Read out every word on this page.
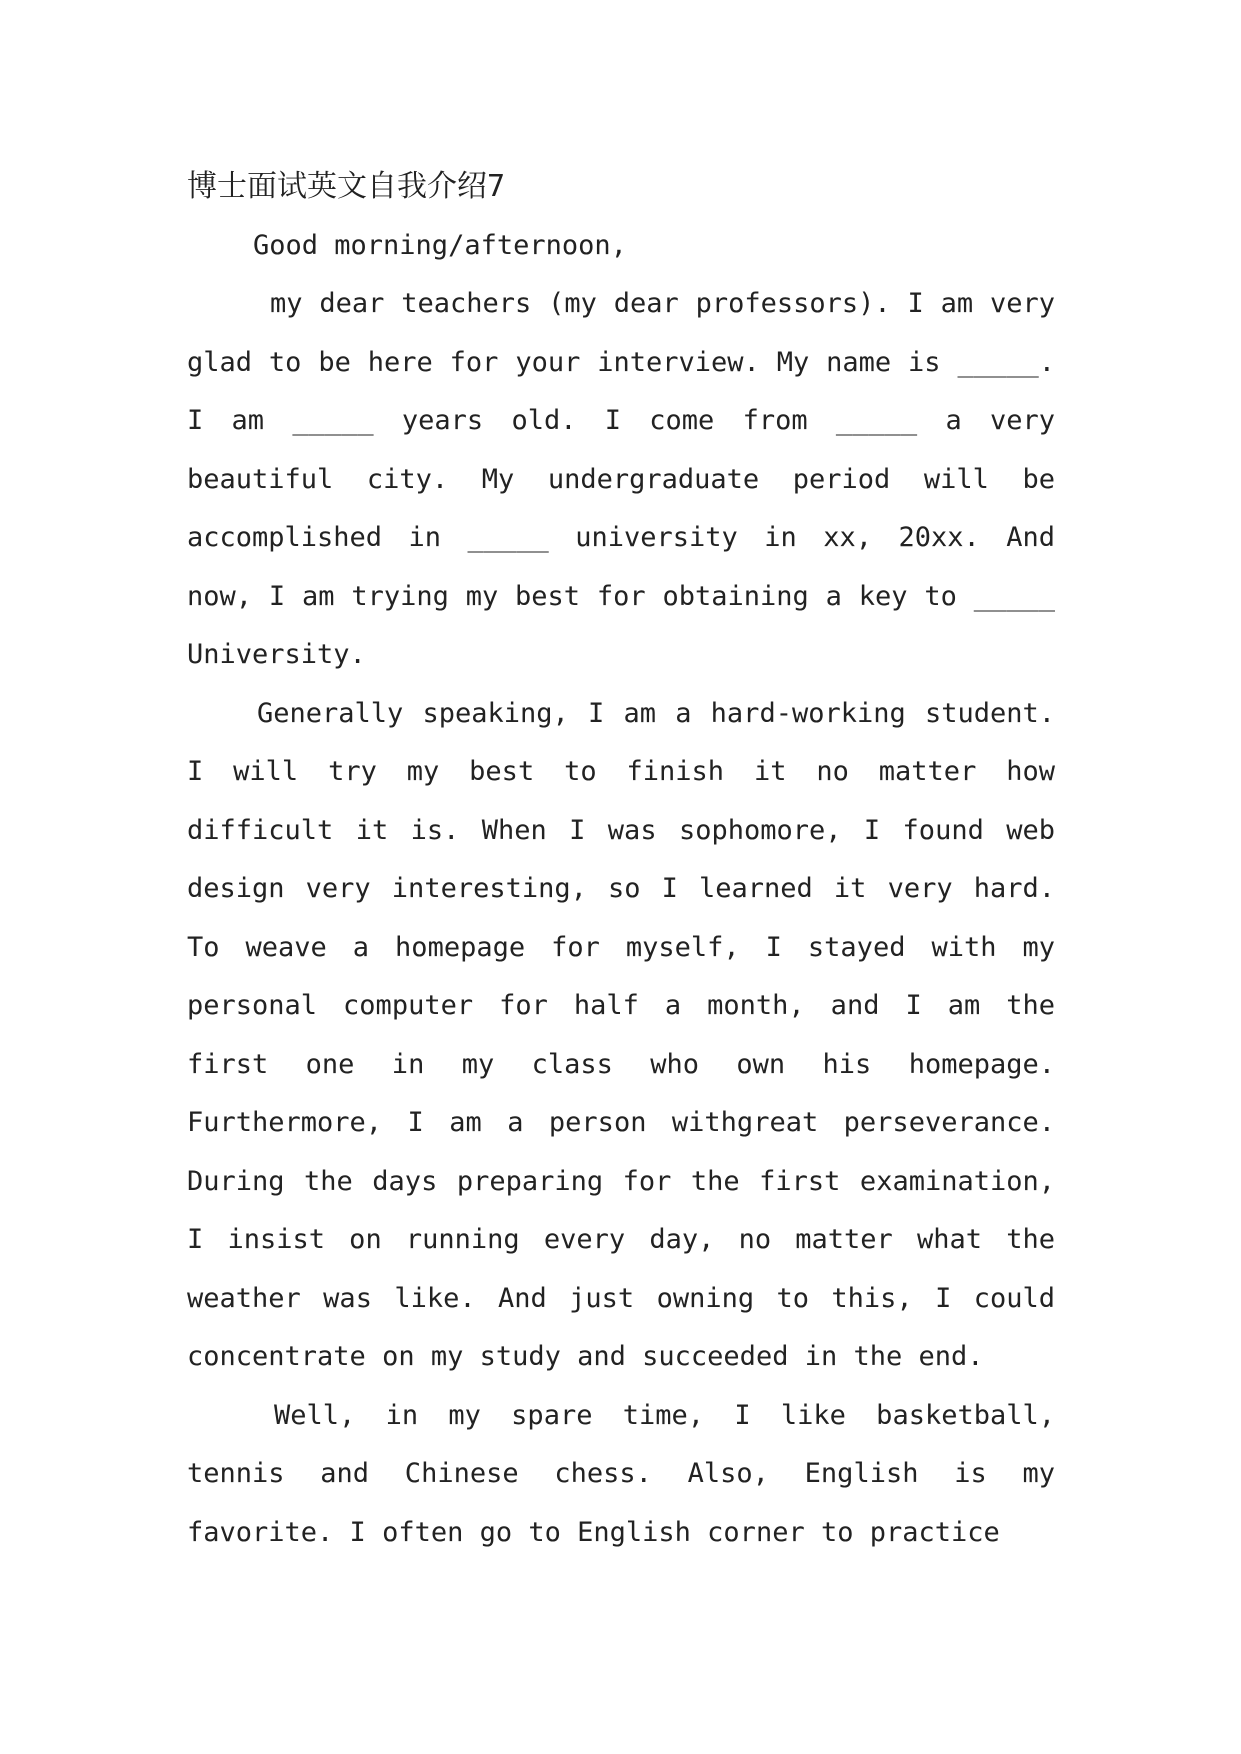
博士面试英文自我介绍7

Good morning/afternoon,

my dear teachers (my dear professors). I am very glad to be here for your interview. My name is _____. I am _____ years old. I come from _____ a very beautiful city. My undergraduate period will be accomplished in _____ university in xx, 20xx. And now, I am trying my best for obtaining a key to _____ University.

Generally speaking, I am a hard-working student. I will try my best to finish it no matter how difficult it is. When I was sophomore, I found web design very interesting, so I learned it very hard. To weave a homepage for myself, I stayed with my personal computer for half a month, and I am the first one in my class who own his homepage. Furthermore, I am a person withgreat perseverance. During the days preparing for the first examination, I insist on running every day, no matter what the weather was like. And just owning to this, I could concentrate on my study and succeeded in the end.

Well, in my spare time, I like basketball, tennis and Chinese chess. Also, English is my favorite. I often go to English corner to practice
